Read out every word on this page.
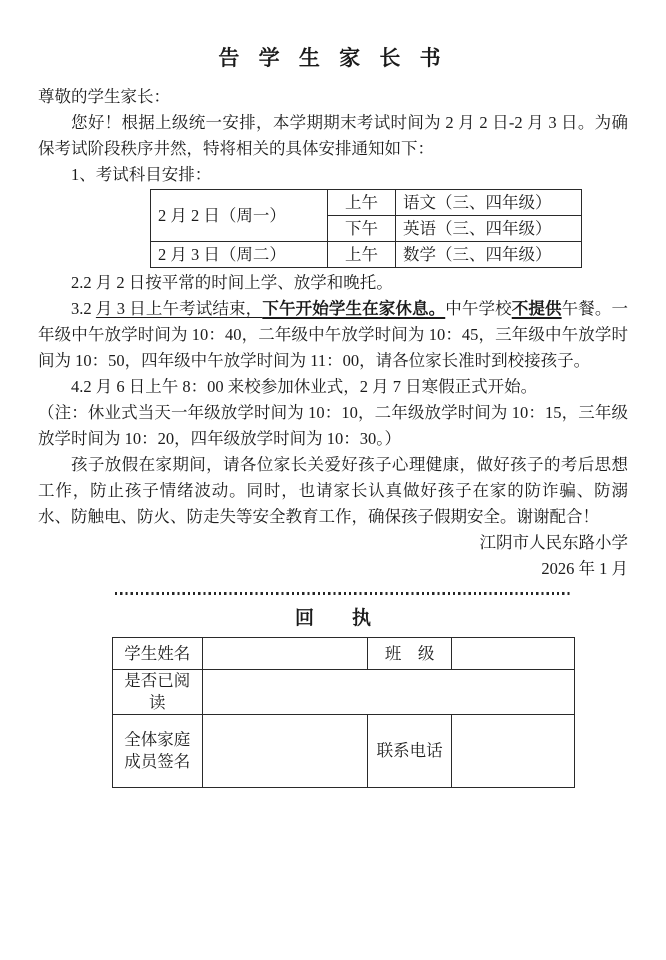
告 学 生 家 长 书

尊敬的学生家长：

您好！根据上级统一安排，本学期期末考试时间为 2 月 2 日-2 月 3 日。为确保考试阶段秩序井然，特将相关的具体安排通知如下：

1、考试科目安排：

2 月 2 日（周一）	上午	语文（三、四年级）
	下午	英语（三、四年级）
2 月 3 日（周二）	上午	数学（三、四年级）

2.2 月 2 日按平常的时间上学、放学和晚托。

3.2 月 3 日上午考试结束，下午开始学生在家休息。中午学校不提供午餐。一年级中午放学时间为 10：40，二年级中午放学时间为 10：45，三年级中午放学时间为 10：50，四年级中午放学时间为 11：00，请各位家长准时到校接孩子。

4.2 月 6 日上午 8：00 来校参加休业式，2 月 7 日寒假正式开始。

（注：休业式当天一年级放学时间为 10：10，二年级放学时间为 10：15，三年级放学时间为 10：20，四年级放学时间为 10：30。）

孩子放假在家期间，请各位家长关爱好孩子心理健康，做好孩子的考后思想工作，防止孩子情绪波动。同时，也请家长认真做好孩子在家的防诈骗、防溺水、防触电、防火、防走失等安全教育工作，确保孩子假期安全。谢谢配合！

江阴市人民东路小学

2026 年 1 月

回　　执
学生姓名		班　级	
是否已阅读			
全体家庭成员签名		联系电话	
